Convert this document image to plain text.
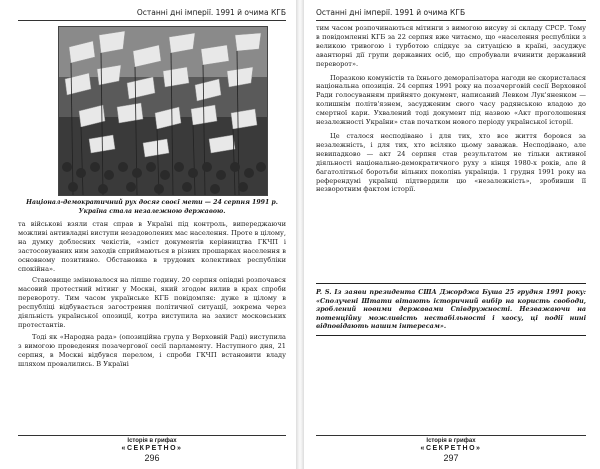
Останні дні імперії. 1991 й очима КГБ
Націонал-демократичний рух досяг своєї мети — 24 серпня 1991 р. Україна стала незалежною державою.

та військові взяли стан справ в Україні під контроль, випереджаючи можливі антивладні виступи незадоволених мас населення. Проте в цілому, на думку доблесних чекістів, «зміст документів керівництва ГКЧП і застосовуваних ним заходів сприймаються в різних прошарках населення в основному позитивно. Обстановка в трудових колективах республіки спокійна».

Становище змінювалося на ліпше годину. 20 серпня опівдні розпочався масовий протестний мітинг у Москві, який згодом вилив в крах спроби перевороту. Тим часом українське КГБ повідомляє: дуже в цілому в республіці відбувається загострення політичної ситуації, зокрема через діяльність української опозиції, котра виступила на захист московських протестантів.

Тодi як «Народна рада» (опозиційна група у Верховній Раді) виступила з вимогою проведення позачергової сесії парламенту. Наступного дня, 21 серпня, в Москві відбувся перелом, і спроби ГКЧП встановити владу шляхом провалились. В Україні

Історія в грифах
«СЕКРЕТНО»
296
Останні дні імперії. 1991 й очима КГБ

тим часом розпочинаються мітинги з вимогою висуву зі складу СРСР. Тому в повідомленні КГБ за 22 серпня вже читаємо, що «населення республіки з великою тривогою і турботою слідкує за ситуацією в країні, засуджує авантюрні дії групи державних осіб, що спробували вчинити державний переворот».

Поразкою комуністів та їхнього деморалізатора нагоди не скористалася національна опозиція. 24 серпня 1991 року на позачерговій сесії Верховної Ради голосуванням прийнято документ, написаний Левком Лук'яненком — колишнім політв'язнем, засудженим свого часу радянською владою до смертної кари. Ухвалений тоді документ під назвою «Акт проголошення незалежності України» став початком нового періоду української історії.

Це сталося несподівано і для тих, хто все життя боровся за незалежність, і для тих, хто всіляко цьому заважав. Несподівано, але невипадково — акт 24 серпня став результатом не тільки активної діяльності національно-демократичного руху з кінця 1980-х років, але й багатолітньої боротьби вільних поколінь українців. 1 грудня 1991 року на референдумі українці підтвердили цю «незалежність», зробивши її незворотним фактом історії.

P. S. Із заяви президента США Джорджа Буша 25 грудня 1991 року: «Сполучені Штати вітають історичний вибір на користь свободи, зроблений новими державами Співдружності. Незважаючи на потенційну можливість нестабільності і хаосу, ці події нині відповідають нашим інтересам».
Історія в грифах
«СЕКРЕТНО»
297
